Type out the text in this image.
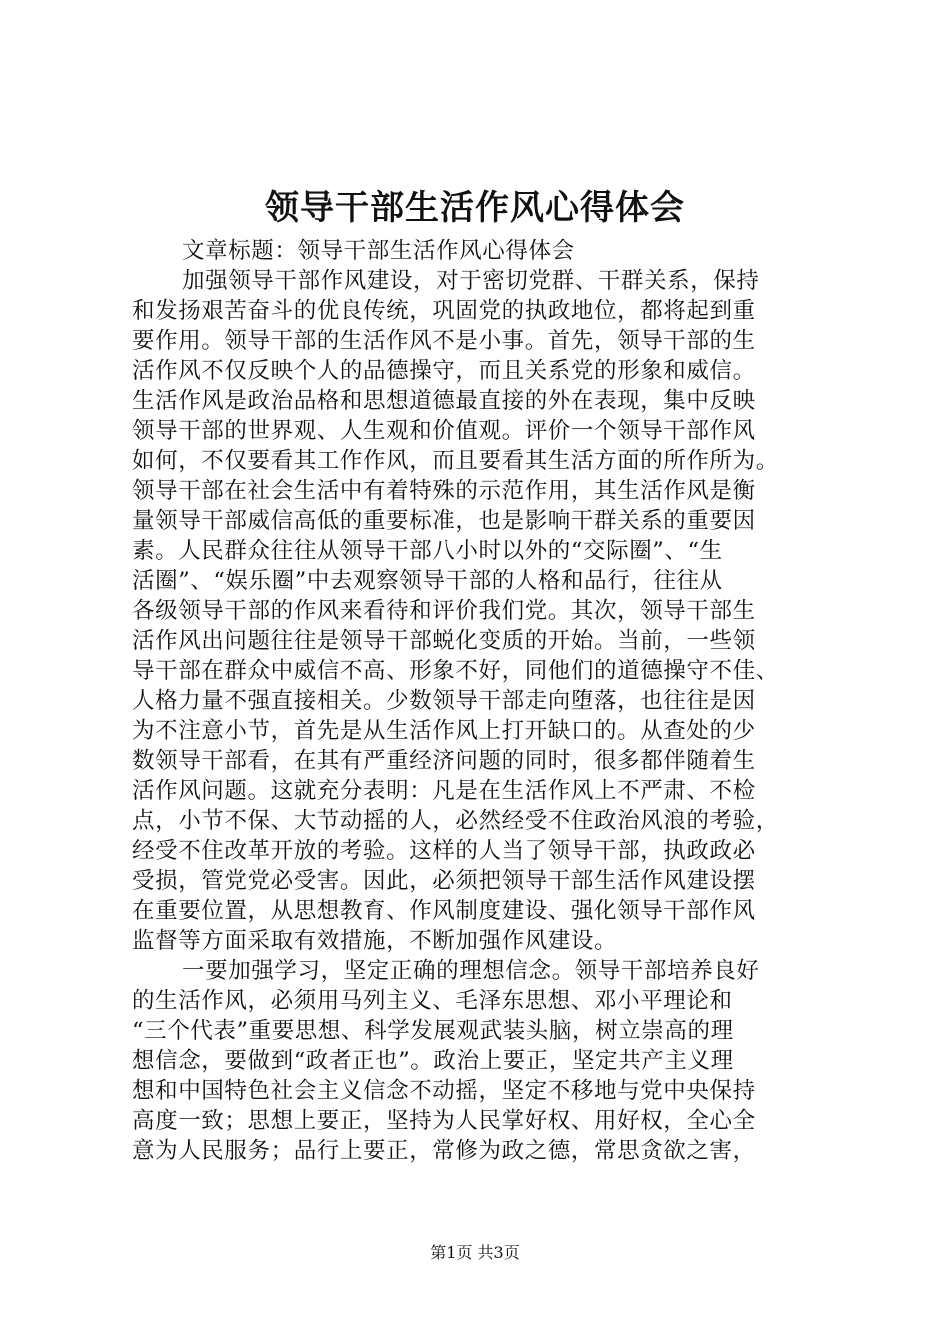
领导干部生活作风心得体会
文章标题：领导干部生活作风心得体会
加强领导干部作风建设，对于密切党群、干群关系，保持
和发扬艰苦奋斗的优良传统，巩固党的执政地位，都将起到重
要作用。领导干部的生活作风不是小事。首先，领导干部的生
活作风不仅反映个人的品德操守，而且关系党的形象和威信。
生活作风是政治品格和思想道德最直接的外在表现，集中反映
领导干部的世界观、人生观和价值观。评价一个领导干部作风
如何，不仅要看其工作作风，而且要看其生活方面的所作所为。
领导干部在社会生活中有着特殊的示范作用，其生活作风是衡
量领导干部威信高低的重要标准，也是影响干群关系的重要因
素。人民群众往往从领导干部八小时以外的“交际圈”、“生
活圈”、“娱乐圈”中去观察领导干部的人格和品行，往往从
各级领导干部的作风来看待和评价我们党。其次，领导干部生
活作风出问题往往是领导干部蜕化变质的开始。当前，一些领
导干部在群众中威信不高、形象不好，同他们的道德操守不佳、
人格力量不强直接相关。少数领导干部走向堕落，也往往是因
为不注意小节，首先是从生活作风上打开缺口的。从查处的少
数领导干部看，在其有严重经济问题的同时，很多都伴随着生
活作风问题。这就充分表明：凡是在生活作风上不严肃、不检
点，小节不保、大节动摇的人，必然经受不住政治风浪的考验，
经受不住改革开放的考验。这样的人当了领导干部，执政政必
受损，管党党必受害。因此，必须把领导干部生活作风建设摆
在重要位置，从思想教育、作风制度建设、强化领导干部作风
监督等方面采取有效措施，不断加强作风建设。
一要加强学习，坚定正确的理想信念。领导干部培养良好
的生活作风，必须用马列主义、毛泽东思想、邓小平理论和
“三个代表”重要思想、科学发展观武装头脑，树立崇高的理
想信念，要做到“政者正也”。政治上要正，坚定共产主义理
想和中国特色社会主义信念不动摇，坚定不移地与党中央保持
高度一致；思想上要正，坚持为人民掌好权、用好权，全心全
意为人民服务；品行上要正，常修为政之德，常思贪欲之害，
第1页 共3页
